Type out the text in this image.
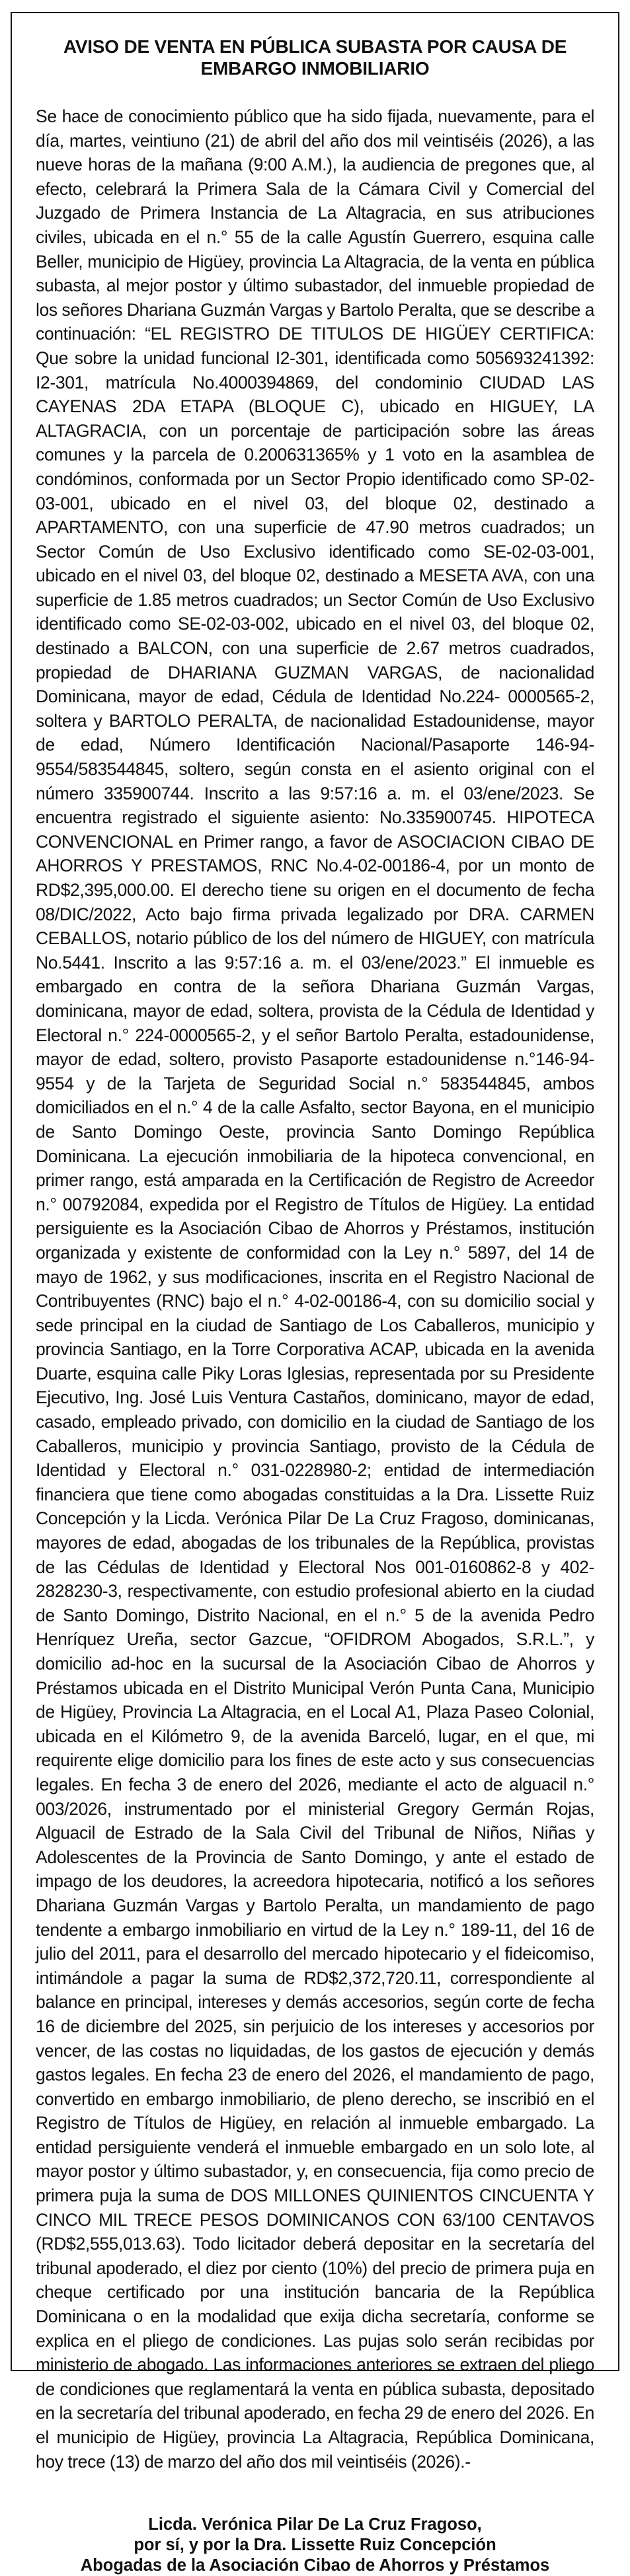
AVISO DE VENTA EN PÚBLICA SUBASTA POR CAUSA DE EMBARGO INMOBILIARIO

Se hace de conocimiento público que ha sido fijada, nuevamente, para el día, martes, veintiuno (21) de abril del año dos mil veintiséis (2026), a las nueve horas de la mañana (9:00 A.M.), la audiencia de pregones que, al efecto, celebrará la Primera Sala de la Cámara Civil y Comercial del Juzgado de Primera Instancia de La Altagracia, en sus atribuciones civiles, ubicada en el n.° 55 de la calle Agustín Guerrero, esquina calle Beller, municipio de Higüey, provincia La Altagracia, de la venta en pública subasta, al mejor postor y último subastador, del inmueble propiedad de los señores Dhariana Guzmán Vargas y Bartolo Peralta, que se describe a continuación: “EL REGISTRO DE TITULOS DE HIGÜEY CERTIFICA: Que sobre la unidad funcional I2-301, identificada como 505693241392: I2-301, matrícula No.4000394869, del condominio CIUDAD LAS CAYENAS 2DA ETAPA (BLOQUE C), ubicado en HIGUEY, LA ALTAGRACIA, con un porcentaje de participación sobre las áreas comunes y la parcela de 0.200631365% y 1 voto en la asamblea de condóminos, conformada por un Sector Propio identificado como SP-02-03-001, ubicado en el nivel 03, del bloque 02, destinado a APARTAMENTO, con una superficie de 47.90 metros cuadrados; un Sector Común de Uso Exclusivo identificado como SE-02-03-001, ubicado en el nivel 03, del bloque 02, destinado a MESETA AVA, con una superficie de 1.85 metros cuadrados; un Sector Común de Uso Exclusivo identificado como SE-02-03-002, ubicado en el nivel 03, del bloque 02, destinado a BALCON, con una superficie de 2.67 metros cuadrados, propiedad de DHARIANA GUZMAN VARGAS, de nacionalidad Dominicana, mayor de edad, Cédula de Identidad No.224- 0000565-2, soltera y BARTOLO PERALTA, de nacionalidad Estadounidense, mayor de edad, Número Identificación Nacional/Pasaporte 146-94-9554/583544845, soltero, según consta en el asiento original con el número 335900744. Inscrito a las 9:57:16 a. m. el 03/ene/2023. Se encuentra registrado el siguiente asiento: No.335900745. HIPOTECA CONVENCIONAL en Primer rango, a favor de ASOCIACION CIBAO DE AHORROS Y PRESTAMOS, RNC No.4-02-00186-4, por un monto de RD$2,395,000.00. El derecho tiene su origen en el documento de fecha 08/DIC/2022, Acto bajo firma privada legalizado por DRA. CARMEN CEBALLOS, notario público de los del número de HIGUEY, con matrícula No.5441. Inscrito a las 9:57:16 a. m. el 03/ene/2023.” El inmueble es embargado en contra de la señora Dhariana Guzmán Vargas, dominicana, mayor de edad, soltera, provista de la Cédula de Identidad y Electoral n.° 224-0000565-2, y el señor Bartolo Peralta, estadounidense, mayor de edad, soltero, provisto Pasaporte estadounidense n.°146-94-9554 y de la Tarjeta de Seguridad Social n.° 583544845, ambos domiciliados en el n.° 4 de la calle Asfalto, sector Bayona, en el municipio de Santo Domingo Oeste, provincia Santo Domingo República Dominicana. La ejecución inmobiliaria de la hipoteca convencional, en primer rango, está amparada en la Certificación de Registro de Acreedor n.° 00792084, expedida por el Registro de Títulos de Higüey. La entidad persiguiente es la Asociación Cibao de Ahorros y Préstamos, institución organizada y existente de conformidad con la Ley n.° 5897, del 14 de mayo de 1962, y sus modificaciones, inscrita en el Registro Nacional de Contribuyentes (RNC) bajo el n.° 4-02-00186-4, con su domicilio social y sede principal en la ciudad de Santiago de Los Caballeros, municipio y provincia Santiago, en la Torre Corporativa ACAP, ubicada en la avenida Duarte, esquina calle Piky Loras Iglesias, representada por su Presidente Ejecutivo, Ing. José Luis Ventura Castaños, dominicano, mayor de edad, casado, empleado privado, con domicilio en la ciudad de Santiago de los Caballeros, municipio y provincia Santiago, provisto de la Cédula de Identidad y Electoral n.° 031-0228980-2; entidad de intermediación financiera que tiene como abogadas constituidas a la Dra. Lissette Ruiz Concepción y la Licda. Verónica Pilar De La Cruz Fragoso, dominicanas, mayores de edad, abogadas de los tribunales de la República, provistas de las Cédulas de Identidad y Electoral Nos 001-0160862-8 y 402-2828230-3, respectivamente, con estudio profesional abierto en la ciudad de Santo Domingo, Distrito Nacional, en el n.° 5 de la avenida Pedro Henríquez Ureña, sector Gazcue, “OFIDROM Abogados, S.R.L.”, y domicilio ad-hoc en la sucursal de la Asociación Cibao de Ahorros y Préstamos ubicada en el Distrito Municipal Verón Punta Cana, Municipio de Higüey, Provincia La Altagracia, en el Local A1, Plaza Paseo Colonial, ubicada en el Kilómetro 9, de la avenida Barceló, lugar, en el que, mi requirente elige domicilio para los fines de este acto y sus consecuencias legales. En fecha 3 de enero del 2026, mediante el acto de alguacil n.° 003/2026, instrumentado por el ministerial Gregory Germán Rojas, Alguacil de Estrado de la Sala Civil del Tribunal de Niños, Niñas y Adolescentes de la Provincia de Santo Domingo, y ante el estado de impago de los deudores, la acreedora hipotecaria, notificó a los señores Dhariana Guzmán Vargas y Bartolo Peralta, un mandamiento de pago tendente a embargo inmobiliario en virtud de la Ley n.° 189-11, del 16 de julio del 2011, para el desarrollo del mercado hipotecario y el fideicomiso, intimándole a pagar la suma de RD$2,372,720.11, correspondiente al balance en principal, intereses y demás accesorios, según corte de fecha 16 de diciembre del 2025, sin perjuicio de los intereses y accesorios por vencer, de las costas no liquidadas, de los gastos de ejecución y demás gastos legales. En fecha 23 de enero del 2026, el mandamiento de pago, convertido en embargo inmobiliario, de pleno derecho, se inscribió en el Registro de Títulos de Higüey, en relación al inmueble embargado. La entidad persiguiente venderá el inmueble embargado en un solo lote, al mayor postor y último subastador, y, en consecuencia, fija como precio de primera puja la suma de DOS MILLONES QUINIENTOS CINCUENTA Y CINCO MIL TRECE PESOS DOMINICANOS CON 63/100 CENTAVOS (RD$2,555,013.63). Todo licitador deberá depositar en la secretaría del tribunal apoderado, el diez por ciento (10%) del precio de primera puja en cheque certificado por una institución bancaria de la República Dominicana o en la modalidad que exija dicha secretaría, conforme se explica en el pliego de condiciones. Las pujas solo serán recibidas por ministerio de abogado. Las informaciones anteriores se extraen del pliego de condiciones que reglamentará la venta en pública subasta, depositado en la secretaría del tribunal apoderado, en fecha 29 de enero del 2026. En el municipio de Higüey, provincia La Altagracia, República Dominicana, hoy trece (13) de marzo del año dos mil veintiséis (2026).-

Licda. Verónica Pilar De La Cruz Fragoso,
por sí, y por la Dra. Lissette Ruiz Concepción
Abogadas de la Asociación Cibao de Ahorros y Préstamos
